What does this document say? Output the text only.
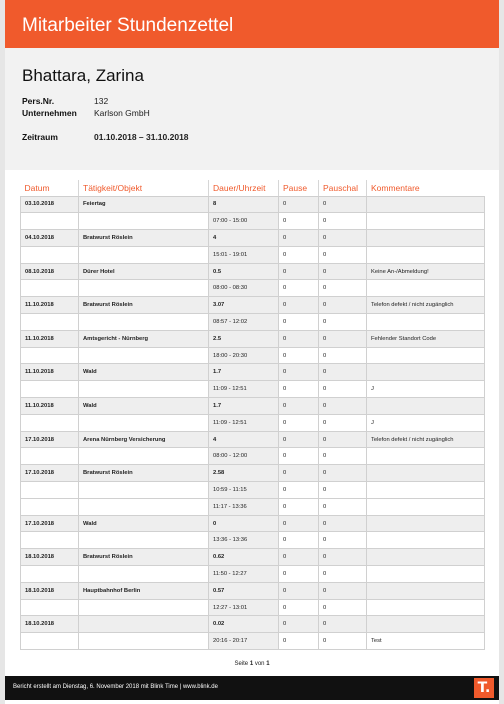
Mitarbeiter Stundenzettel
Bhattara, Zarina
Pers.Nr.	132
Unternehmen Karlson GmbH
Zeitraum	01.10.2018 – 31.10.2018
Datum	Tätigkeit/Objekt	Dauer/Uhrzeit	Pause	Pauschal	Kommentare
03.10.2018	Feiertag	8	0	0	
		07:00 - 15:00	0	0	
04.10.2018	Bratwurst Röslein	4	0	0	
		15:01 - 19:01	0	0	
08.10.2018	Dürer Hotel	0.5	0	0	Keine An-/Abmeldung!
		08:00 - 08:30	0	0	
11.10.2018	Bratwurst Röslein	3.07	0	0	Telefon defekt / nicht zugänglich
		08:57 - 12:02	0	0	
11.10.2018	Amtsgericht - Nürnberg	2.5	0	0	Fehlender Standort Code
		18:00 - 20:30	0	0	
11.10.2018	Wald	1.7	0	0	
		11:09 - 12:51	0	0	J
11.10.2018	Wald	1.7	0	0	
		11:09 - 12:51	0	0	J
17.10.2018	Arena Nürnberg Versicherung	4	0	0	Telefon defekt / nicht zugänglich
		08:00 - 12:00	0	0	
17.10.2018	Bratwurst Röslein	2.58	0	0	
		10:59 - 11:15	0	0	
		11:17 - 13:36	0	0	
17.10.2018	Wald	0	0	0	
		13:36 - 13:36	0	0	
18.10.2018	Bratwurst Röslein	0.62	0	0	
		11:50 - 12:27	0	0	
18.10.2018	Hauptbahnhof Berlin	0.57	0	0	
		12:27 - 13:01	0	0	
18.10.2018		0.02	0	0	
		20:16 - 20:17	0	0	Test
Seite 1 von 1
Bericht erstellt am Dienstag, 6. November 2018 mit Blink Time | www.blink.de	T.
